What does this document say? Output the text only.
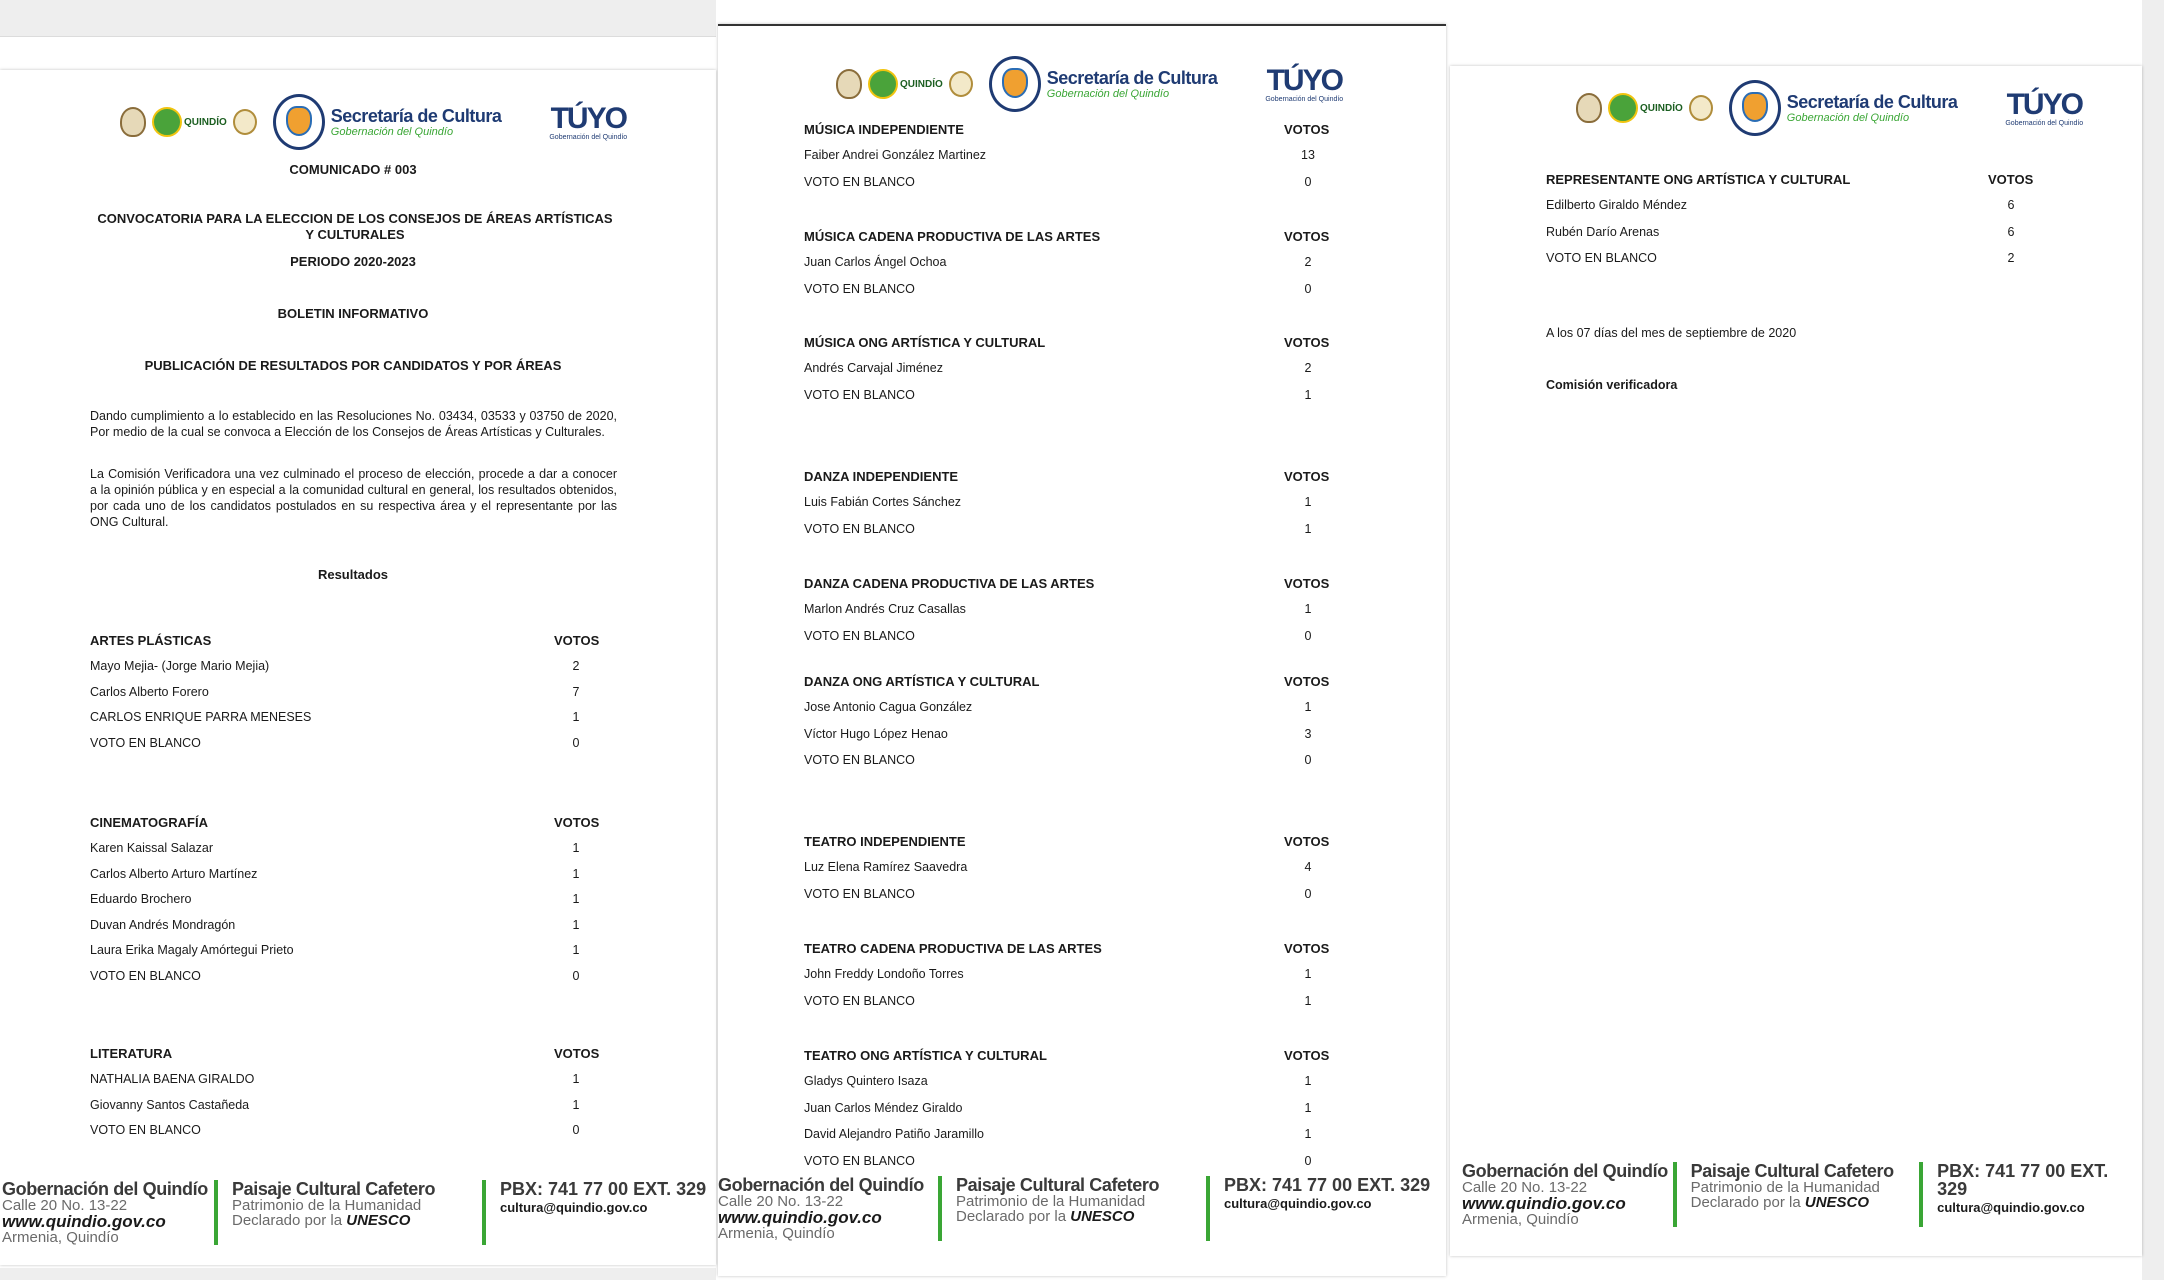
QUINDÍO	Secretaría de Cultura
Gobernación del Quindío	TÚYO
Gobernación del Quindío
COMUNICADO # 003
CONVOCATORIA PARA LA ELECCION DE LOS CONSEJOS DE ÁREAS ARTÍSTICAS
Y CULTURALES
PERIODO 2020-2023
BOLETIN INFORMATIVO
PUBLICACIÓN DE RESULTADOS POR CANDIDATOS Y POR ÁREAS
Dando cumplimiento a lo establecido en las Resoluciones No. 03434, 03533 y 03750 de 2020, Por medio de la cual se convoca a Elección de los Consejos de Áreas Artísticas y Culturales.
La Comisión Verificadora una vez culminado el proceso de elección, procede a dar a conocer a la opinión pública y en especial a la comunidad cultural en general, los resultados obtenidos, por cada uno de los candidatos postulados en su respectiva área y el representante por las ONG Cultural.
Resultados
ARTES PLÁSTICAS	VOTOS
Mayo Mejia- (Jorge Mario Mejia)	2
Carlos Alberto Forero	7
CARLOS ENRIQUE PARRA MENESES	1
VOTO EN BLANCO	0
CINEMATOGRAFÍA	VOTOS
Karen Kaissal Salazar	1
Carlos Alberto Arturo Martínez	1
Eduardo Brochero	1
Duvan Andrés Mondragón	1
Laura Erika Magaly Amórtegui Prieto	1
VOTO EN BLANCO	0
LITERATURA	VOTOS
NATHALIA BAENA GIRALDO	1
Giovanny Santos Castañeda	1
VOTO EN BLANCO	0
Gobernación del Quindío
Calle 20 No. 13-22
www.quindio.gov.co
Armenia, Quindío
Paisaje Cultural Cafetero
Patrimonio de la Humanidad
Declarado por la UNESCO
PBX: 741 77 00 EXT. 329
cultura@quindio.gov.co
QUINDÍO	Secretaría de Cultura
Gobernación del Quindío	TÚYO
Gobernación del Quindío
MÚSICA INDEPENDIENTE	VOTOS
Faiber Andrei González Martinez	13
VOTO EN BLANCO	0
MÚSICA CADENA PRODUCTIVA DE LAS ARTES	VOTOS
Juan Carlos Ángel Ochoa	2
VOTO EN BLANCO	0
MÚSICA ONG ARTÍSTICA Y CULTURAL	VOTOS
Andrés Carvajal Jiménez	2
VOTO EN BLANCO	1
DANZA INDEPENDIENTE	VOTOS
Luis Fabián Cortes Sánchez	1
VOTO EN BLANCO	1
DANZA CADENA PRODUCTIVA DE LAS ARTES	VOTOS
Marlon Andrés Cruz Casallas	1
VOTO EN BLANCO	0
DANZA ONG ARTÍSTICA Y CULTURAL	VOTOS
Jose Antonio Cagua González	1
Víctor Hugo López Henao	3
VOTO EN BLANCO	0
TEATRO INDEPENDIENTE	VOTOS
Luz Elena Ramírez Saavedra	4
VOTO EN BLANCO	0
TEATRO CADENA PRODUCTIVA DE LAS ARTES	VOTOS
John Freddy Londoño Torres	1
VOTO EN BLANCO	1
TEATRO ONG ARTÍSTICA Y CULTURAL	VOTOS
Gladys Quintero Isaza	1
Juan Carlos Méndez Giraldo	1
David Alejandro Patiño Jaramillo	1
VOTO EN BLANCO	0
Gobernación del Quindío
Calle 20 No. 13-22
www.quindio.gov.co
Armenia, Quindío
Paisaje Cultural Cafetero
Patrimonio de la Humanidad
Declarado por la UNESCO
PBX: 741 77 00 EXT. 329
cultura@quindio.gov.co
QUINDÍO	Secretaría de Cultura
Gobernación del Quindío	TÚYO
Gobernación del Quindío
REPRESENTANTE ONG ARTÍSTICA Y CULTURAL	VOTOS
Edilberto Giraldo Méndez	6
Rubén Darío Arenas	6
VOTO EN BLANCO	2
A los 07 días del mes de septiembre de 2020
Comisión verificadora
Gobernación del Quindío
Calle 20 No. 13-22
www.quindio.gov.co
Armenia, Quindío
Paisaje Cultural Cafetero
Patrimonio de la Humanidad
Declarado por la UNESCO
PBX: 741 77 00 EXT. 329
cultura@quindio.gov.co
